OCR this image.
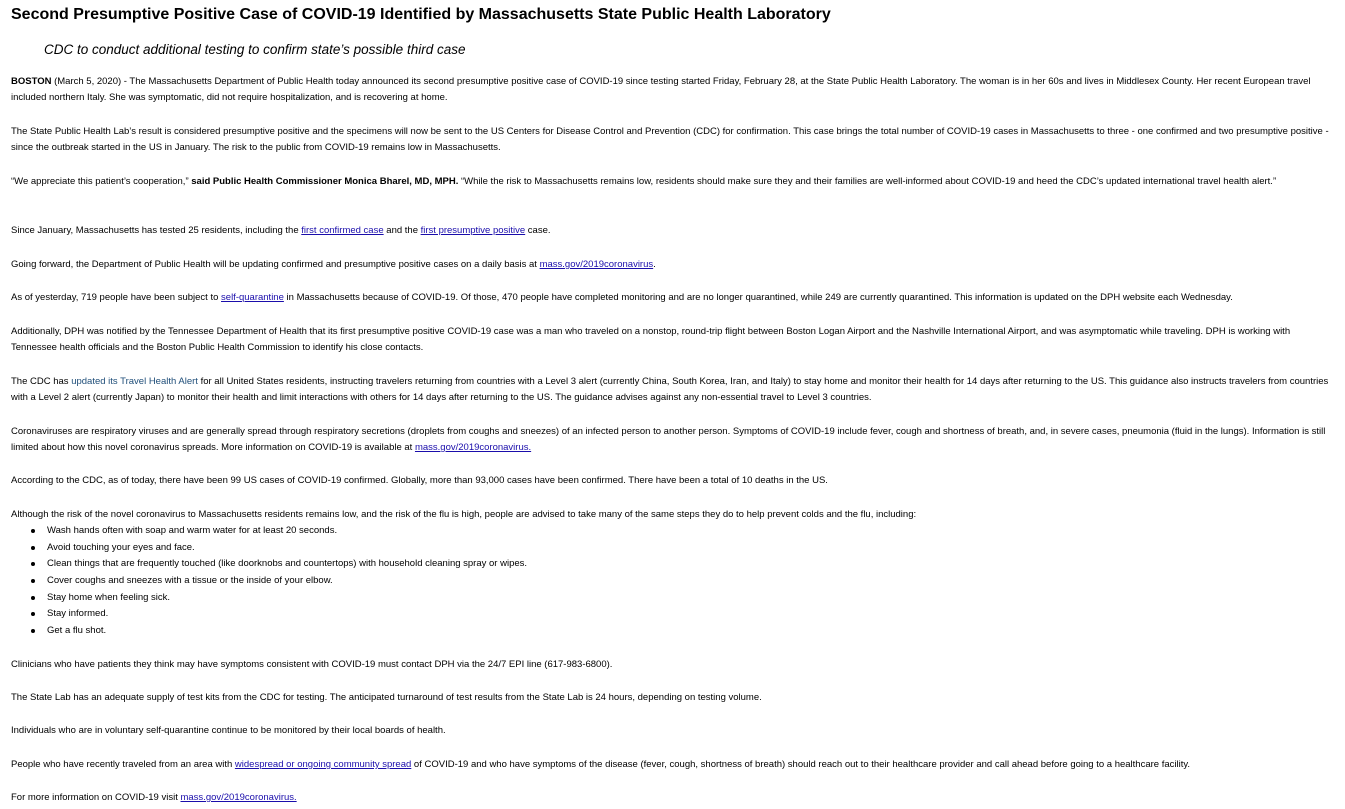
Second Presumptive Positive Case of COVID-19 Identified by Massachusetts State Public Health Laboratory

CDC to conduct additional testing to confirm state’s possible third case

BOSTON (March 5, 2020) - The Massachusetts Department of Public Health today announced its second presumptive positive case of COVID-19 since testing started Friday, February 28, at the State Public Health Laboratory. The woman is in her 60s and lives in Middlesex County. Her recent European travel included northern Italy. She was symptomatic, did not require hospitalization, and is recovering at home.

The State Public Health Lab’s result is considered presumptive positive and the specimens will now be sent to the US Centers for Disease Control and Prevention (CDC) for confirmation. This case brings the total number of COVID-19 cases in Massachusetts to three - one confirmed and two presumptive positive - since the outbreak started in the US in January. The risk to the public from COVID-19 remains low in Massachusetts.

“We appreciate this patient’s cooperation,” said Public Health Commissioner Monica Bharel, MD, MPH. “While the risk to Massachusetts remains low, residents should make sure they and their families are well-informed about COVID-19 and heed the CDC’s updated international travel health alert.”

Since January, Massachusetts has tested 25 residents, including the first confirmed case and the first presumptive positive case.

Going forward, the Department of Public Health will be updating confirmed and presumptive positive cases on a daily basis at mass.gov/2019coronavirus.

As of yesterday, 719 people have been subject to self-quarantine in Massachusetts because of COVID-19. Of those, 470 people have completed monitoring and are no longer quarantined, while 249 are currently quarantined. This information is updated on the DPH website each Wednesday.

Additionally, DPH was notified by the Tennessee Department of Health that its first presumptive positive COVID-19 case was a man who traveled on a nonstop, round-trip flight between Boston Logan Airport and the Nashville International Airport, and was asymptomatic while traveling. DPH is working with Tennessee health officials and the Boston Public Health Commission to identify his close contacts.

The CDC has updated its Travel Health Alert for all United States residents, instructing travelers returning from countries with a Level 3 alert (currently China, South Korea, Iran, and Italy) to stay home and monitor their health for 14 days after returning to the US. This guidance also instructs travelers from countries with a Level 2 alert (currently Japan) to monitor their health and limit interactions with others for 14 days after returning to the US. The guidance advises against any non-essential travel to Level 3 countries.

Coronaviruses are respiratory viruses and are generally spread through respiratory secretions (droplets from coughs and sneezes) of an infected person to another person. Symptoms of COVID-19 include fever, cough and shortness of breath, and, in severe cases, pneumonia (fluid in the lungs). Information is still limited about how this novel coronavirus spreads. More information on COVID-19 is available at mass.gov/2019coronavirus.

According to the CDC, as of today, there have been 99 US cases of COVID-19 confirmed. Globally, more than 93,000 cases have been confirmed. There have been a total of 10 deaths in the US.

Although the risk of the novel coronavirus to Massachusetts residents remains low, and the risk of the flu is high, people are advised to take many of the same steps they do to help prevent colds and the flu, including:

Wash hands often with soap and warm water for at least 20 seconds.
Avoid touching your eyes and face.
Clean things that are frequently touched (like doorknobs and countertops) with household cleaning spray or wipes.
Cover coughs and sneezes with a tissue or the inside of your elbow.
Stay home when feeling sick.
Stay informed.
Get a flu shot.

Clinicians who have patients they think may have symptoms consistent with COVID-19 must contact DPH via the 24/7 EPI line (617-983-6800).

The State Lab has an adequate supply of test kits from the CDC for testing. The anticipated turnaround of test results from the State Lab is 24 hours, depending on testing volume.

Individuals who are in voluntary self-quarantine continue to be monitored by their local boards of health.

People who have recently traveled from an area with widespread or ongoing community spread of COVID-19 and who have symptoms of the disease (fever, cough, shortness of breath) should reach out to their healthcare provider and call ahead before going to a healthcare facility.

For more information on COVID-19 visit mass.gov/2019coronavirus.
